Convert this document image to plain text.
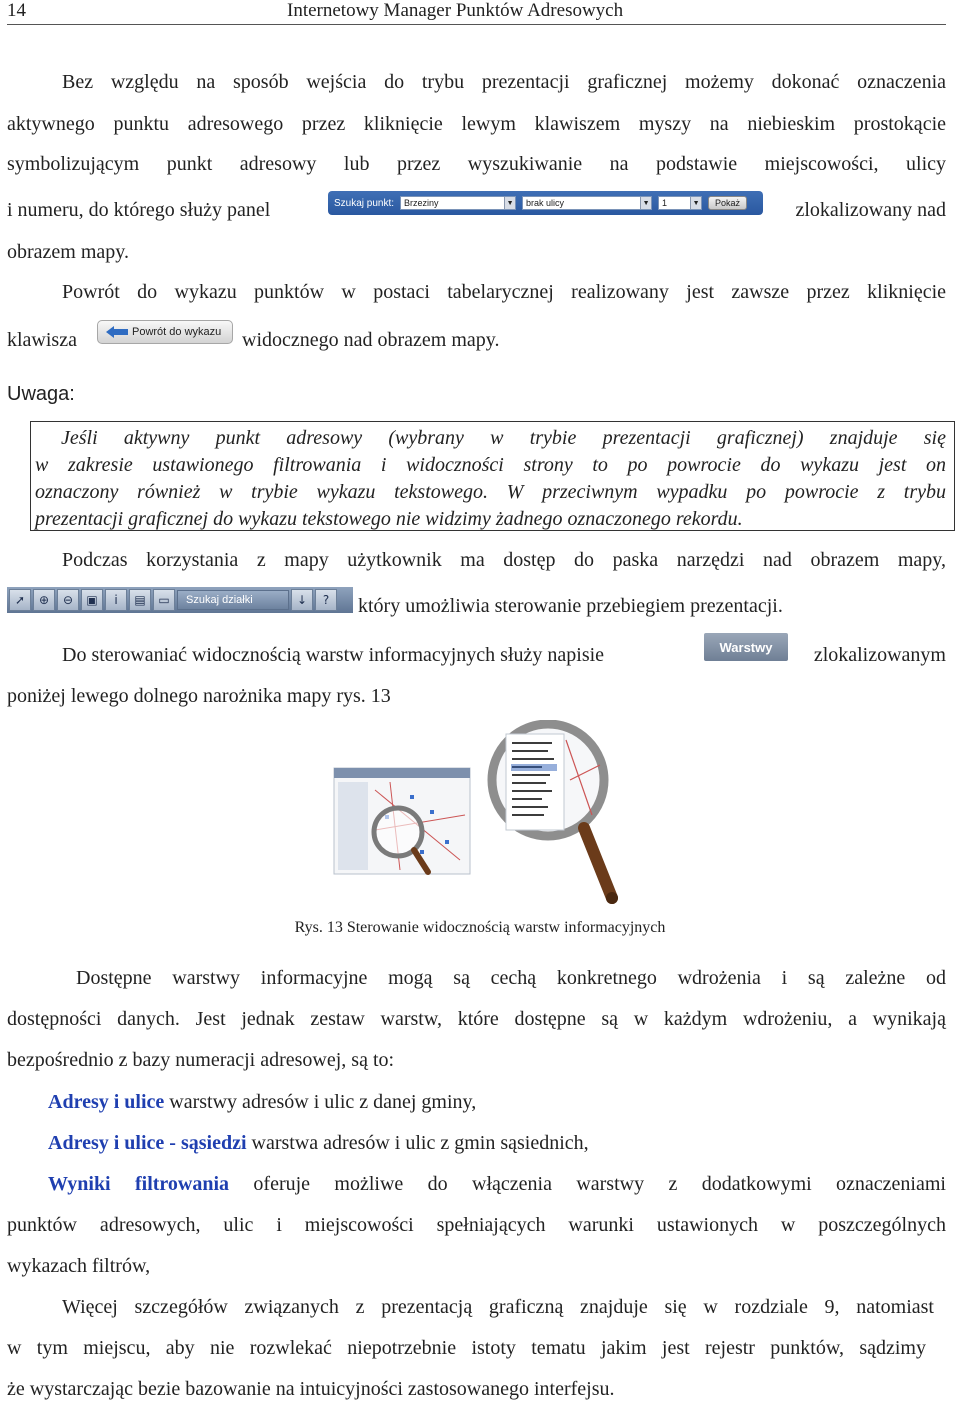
14	Internetowy Manager Punktów Adresowych
Bez względu na sposób wejścia do trybu prezentacji graficznej możemy dokonać oznaczenia
aktywnego punktu adresowego przez kliknięcie lewym klawiszem myszy na niebieskim prostokącie
symbolizującym punkt adresowy lub przez wyszukiwanie na podstawie miejscowości, ulicy
i numeru, do którego służy panel	Szukaj punkt: Brzeziny	▼ brak ulicy	▼ 1	▼	Pokaż	zlokalizowany nad
obrazem mapy.
Powrót do wykazu punktów w postaci tabelarycznej realizowany jest zawsze przez kliknięcie
klawisza	Powrót do wykazu widocznego nad obrazem mapy.
Uwaga:
Jeśli aktywny punkt adresowy (wybrany w trybie prezentacji graficznej) znajduje się
w zakresie ustawionego filtrowania i widoczności strony to po powrocie do wykazu jest on
oznaczony również w trybie wykazu tekstowego. W przeciwnym wypadku po powrocie z trybu
prezentacji graficznej do wykazu tekstowego nie widzimy żadnego oznaczonego rekordu.
Podczas korzystania z mapy użytkownik ma dostęp do paska narzędzi nad obrazem mapy,
➚	⊕	⊖	▣	i	▤	▭	Szukaj działki	↓	?	który umożliwia sterowanie przebiegiem prezentacji.
Do sterowaniać widocznością warstw informacyjnych służy napisie	Warstwy	zlokalizowanym
poniżej lewego dolnego narożnika mapy rys. 13
Rys. 13 Sterowanie widocznością warstw informacyjnych
Dostępne warstwy informacyjne mogą są cechą konkretnego wdrożenia i są zależne od
dostępności danych. Jest jednak zestaw warstw, które dostępne są w każdym wdrożeniu, a wynikają
bezpośrednio z bazy numeracji adresowej, są to:
Adresy i ulice warstwy adresów i ulic z danej gminy,
Adresy i ulice - sąsiedzi warstwa adresów i ulic z gmin sąsiednich,
Wyniki filtrowania oferuje możliwe do włączenia warstwy z dodatkowymi oznaczeniami
punktów adresowych, ulic i miejscowości spełniających warunki ustawionych w poszczególnych
wykazach filtrów,
Więcej szczegółów związanych z prezentacją graficzną znajduje się w rozdziale 9, natomiast
w tym miejscu, aby nie rozwlekać niepotrzebnie istoty tematu jakim jest rejestr punktów, sądzimy
że wystarczając bezie bazowanie na intuicyjności zastosowanego interfejsu.
